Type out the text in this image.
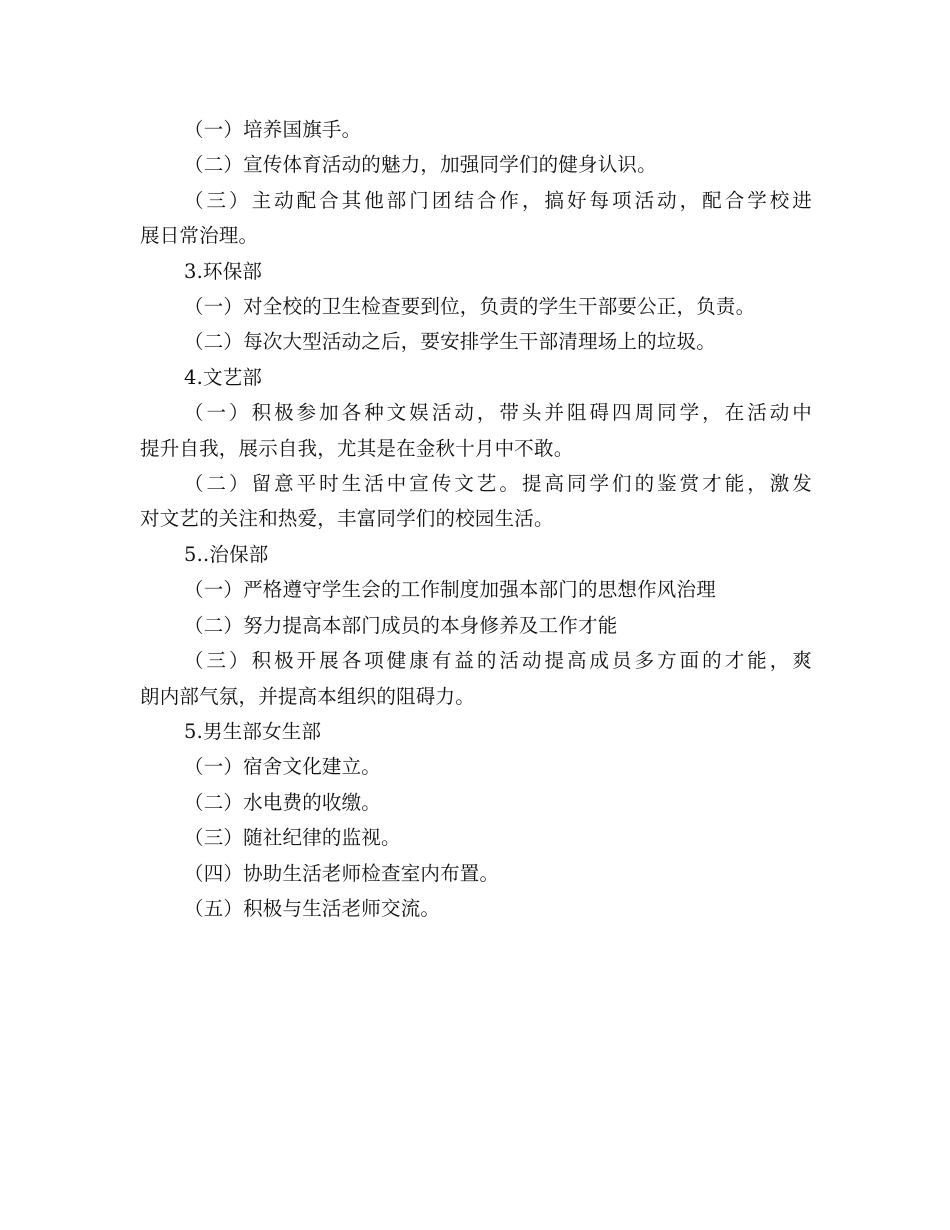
（一）培养国旗手。
（二）宣传体育活动的魅力，加强同学们的健身认识。
（三）主动配合其他部门团结合作，搞好每项活动，配合学校进
展日常治理。
3.环保部
（一）对全校的卫生检查要到位，负责的学生干部要公正，负责。
（二）每次大型活动之后，要安排学生干部清理场上的垃圾。
4.文艺部
（一）积极参加各种文娱活动，带头并阻碍四周同学，在活动中
提升自我，展示自我，尤其是在金秋十月中不敢。
（二）留意平时生活中宣传文艺。提高同学们的鉴赏才能，激发
对文艺的关注和热爱，丰富同学们的校园生活。
5..治保部
（一）严格遵守学生会的工作制度加强本部门的思想作风治理
（二）努力提高本部门成员的本身修养及工作才能
（三）积极开展各项健康有益的活动提高成员多方面的才能，爽
朗内部气氛，并提高本组织的阻碍力。
5.男生部女生部
（一）宿舍文化建立。
（二）水电费的收缴。
（三）随社纪律的监视。
（四）协助生活老师检查室内布置。
（五）积极与生活老师交流。
